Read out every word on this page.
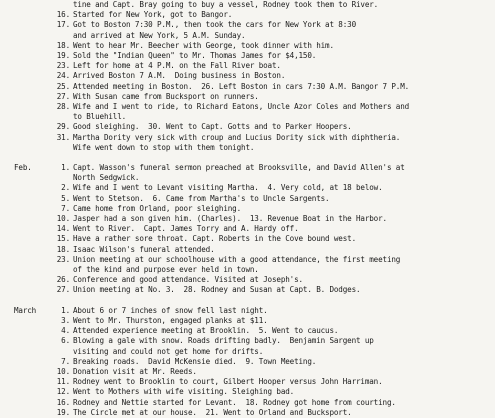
tine and Capt. Bray going to buy a vessel, Rodney took them to River.
16. Started for New York, got to Bangor.
17. Got to Boston 7:30 P.M., then took the cars for New York at 8:30
and arrived at New York, 5 A.M. Sunday.
18. Went to hear Mr. Beecher with George, took dinner with him.
19. Sold the "Indian Queen" to Mr. Thomas James for $4,150.
23. Left for home at 4 P.M. on the Fall River boat.
24. Arrived Boston 7 A.M.  Doing business in Boston.
25. Attended meeting in Boston.  26. Left Boston in cars 7:30 A.M. Bangor 7 P.M.
27. With Susan came from Bucksport on runners.
28. Wife and I went to ride, to Richard Eatons, Uncle Azor Coles and Mothers and
to Bluehill.
29. Good sleighing.  30. Went to Capt. Gotts and to Parker Hoopers.
31. Martha Dority very sick with croup and Lucius Dority sick with diphtheria.
Wife went down to stop with them tonight.
Feb.	1. Capt. Wasson's funeral sermon preached at Brooksville, and David Allen's at
North Sedgwick.
2. Wife and I went to Levant visiting Martha.  4. Very cold, at 18 below.
5. Went to Stetson.  6. Came from Martha's to Uncle Sargents.
7. Came home from Orland, poor sleighing.
10. Jasper had a son given him. (Charles).  13. Revenue Boat in the Harbor.
14. Went to River.  Capt. James Torry and A. Hardy off.
15. Have a rather sore throat. Capt. Roberts in the Cove bound west.
18. Isaac Wilson's funeral attended.
23. Union meeting at our schoolhouse with a good attendance, the first meeting
of the kind and purpose ever held in town.
26. Conference and good attendance. Visited at Joseph's.
27. Union meeting at No. 3.  28. Rodney and Susan at Capt. B. Dodges.
March	1. About 6 or 7 inches of snow fell last night.
3. Went to Mr. Thurston, engaged planks at $11.
4. Attended experience meeting at Brooklin.  5. Went to caucus.
6. Blowing a gale with snow. Roads drifting badly.  Benjamin Sargent up
visiting and could not get home for drifts.
7. Breaking roads.  David McKensie died.  9. Town Meeting.
10. Donation visit at Mr. Reeds.
11. Rodney went to Brooklin to court, Gilbert Hooper versus John Harriman.
12. Went to Mothers with wife visiting. Sleighing bad.
16. Rodney and Nettie started for Levant.  18. Rodney got home from courting.
19. The Circle met at our house.  21. Went to Orland and Bucksport.
